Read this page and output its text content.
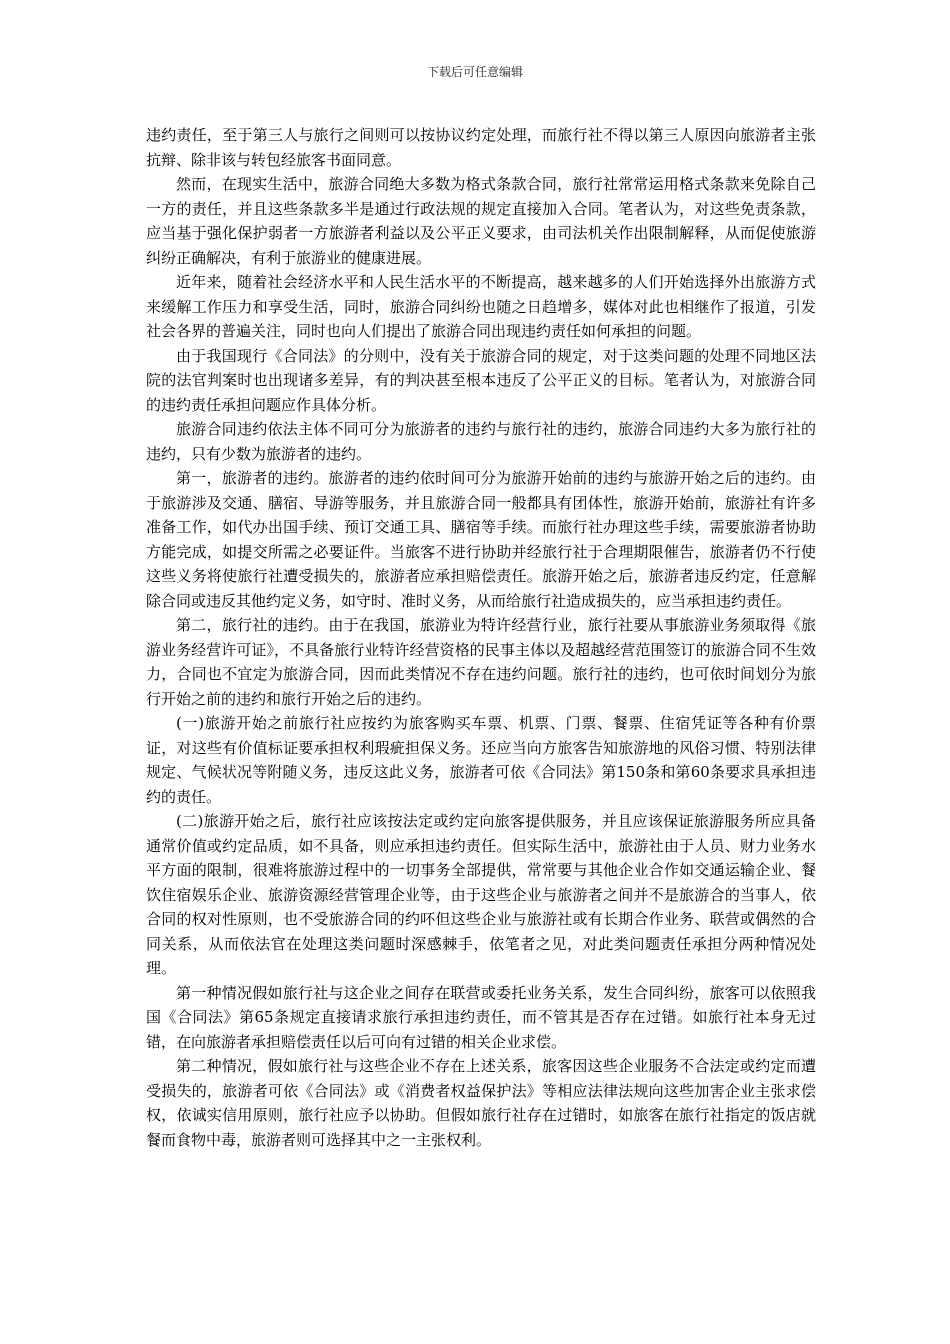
下载后可任意编辑

违约责任，至于第三人与旅行之间则可以按协议约定处理，而旅行社不得以第三人原因向旅游者主张抗辩、除非该与转包经旅客书面同意。

然而，在现实生活中，旅游合同绝大多数为格式条款合同，旅行社常常运用格式条款来免除自己一方的责任，并且这些条款多半是通过行政法规的规定直接加入合同。笔者认为，对这些免责条款，应当基于强化保护弱者一方旅游者利益以及公平正义要求，由司法机关作出限制解释，从而促使旅游纠纷正确解决，有利于旅游业的健康进展。

近年来，随着社会经济水平和人民生活水平的不断提高，越来越多的人们开始选择外出旅游方式来缓解工作压力和享受生活，同时，旅游合同纠纷也随之日趋增多，媒体对此也相继作了报道，引发社会各界的普遍关注，同时也向人们提出了旅游合同出现违约责任如何承担的问题。

由于我国现行《合同法》的分则中，没有关于旅游合同的规定，对于这类问题的处理不同地区法院的法官判案时也出现诸多差异，有的判决甚至根本违反了公平正义的目标。笔者认为，对旅游合同的违约责任承担问题应作具体分析。

旅游合同违约依法主体不同可分为旅游者的违约与旅行社的违约，旅游合同违约大多为旅行社的违约，只有少数为旅游者的违约。

第一，旅游者的违约。旅游者的违约依时间可分为旅游开始前的违约与旅游开始之后的违约。由于旅游涉及交通、膳宿、导游等服务，并且旅游合同一般都具有团体性，旅游开始前，旅游社有许多准备工作，如代办出国手续、预订交通工具、膳宿等手续。而旅行社办理这些手续，需要旅游者协助方能完成，如提交所需之必要证件。当旅客不进行协助并经旅行社于合理期限催告，旅游者仍不行使这些义务将使旅行社遭受损失的，旅游者应承担赔偿责任。旅游开始之后，旅游者违反约定，任意解除合同或违反其他约定义务，如守时、准时义务，从而给旅行社造成损失的，应当承担违约责任。

第二，旅行社的违约。由于在我国，旅游业为特许经营行业，旅行社要从事旅游业务须取得《旅游业务经营许可证》，不具备旅行业特许经营资格的民事主体以及超越经营范围签订的旅游合同不生效力，合同也不宜定为旅游合同，因而此类情况不存在违约问题。旅行社的违约，也可依时间划分为旅行开始之前的违约和旅行开始之后的违约。

(一)旅游开始之前旅行社应按约为旅客购买车票、机票、门票、餐票、住宿凭证等各种有价票证，对这些有价值标证要承担权利瑕疵担保义务。还应当向方旅客告知旅游地的风俗习惯、特别法律规定、气候状况等附随义务，违反这此义务，旅游者可依《合同法》第150条和第60条要求具承担违约的责任。

(二)旅游开始之后，旅行社应该按法定或约定向旅客提供服务，并且应该保证旅游服务所应具备通常价值或约定品质，如不具备，则应承担违约责任。但实际生活中，旅游社由于人员、财力业务水平方面的限制，很难将旅游过程中的一切事务全部提供，常常要与其他企业合作如交通运输企业、餐饮住宿娱乐企业、旅游资源经营管理企业等，由于这些企业与旅游者之间并不是旅游合的当事人，依合同的权对性原则，也不受旅游合同的约吥但这些企业与旅游社或有长期合作业务、联营或偶然的合同关系，从而依法官在处理这类问题时深感棘手，依笔者之见，对此类问题责任承担分两种情况处理。

第一种情况假如旅行社与这企业之间存在联营或委托业务关系，发生合同纠纷，旅客可以依照我国《合同法》第65条规定直接请求旅行承担违约责任，而不管其是否存在过错。如旅行社本身无过错，在向旅游者承担赔偿责任以后可向有过错的相关企业求偿。

第二种情况，假如旅行社与这些企业不存在上述关系，旅客因这些企业服务不合法定或约定而遭受损失的，旅游者可依《合同法》或《消费者权益保护法》等相应法律法规向这些加害企业主张求偿权，依诚实信用原则，旅行社应予以协助。但假如旅行社存在过错时，如旅客在旅行社指定的饭店就餐而食物中毒，旅游者则可选择其中之一主张权利。
